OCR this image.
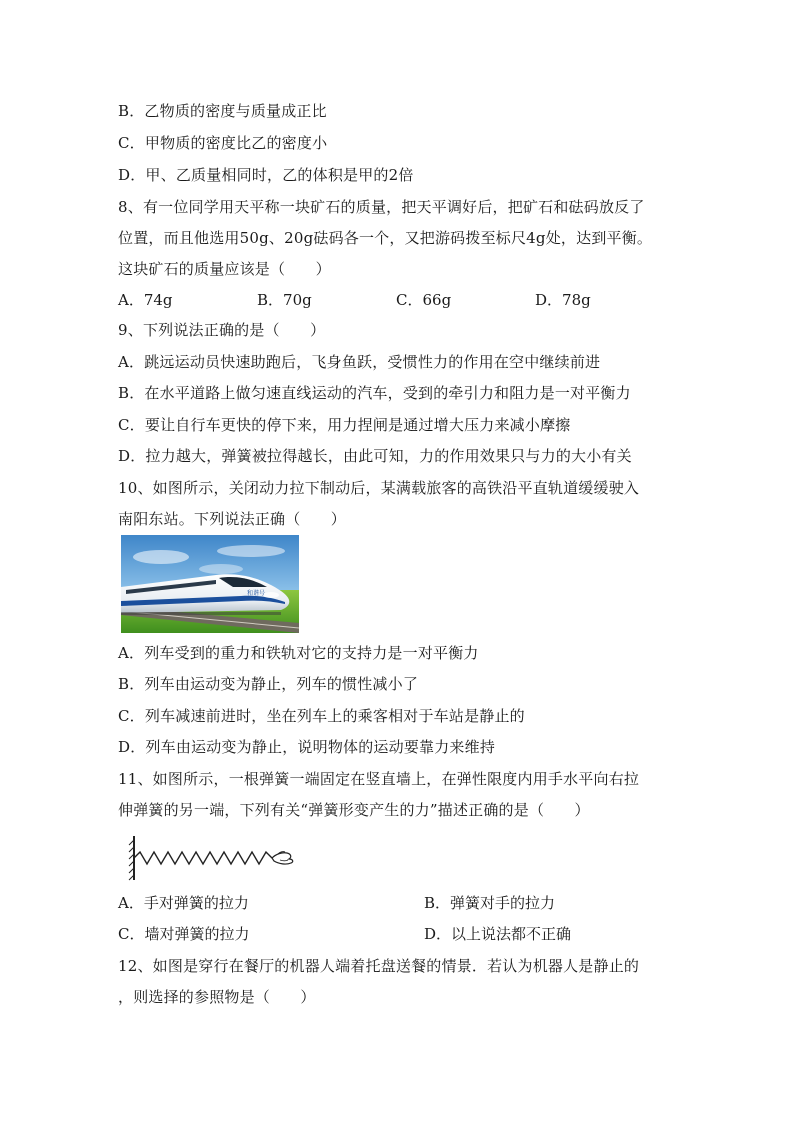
B．乙物质的密度与质量成正比
C．甲物质的密度比乙的密度小
D．甲、乙质量相同时，乙的体积是甲的2倍
8、有一位同学用天平称一块矿石的质量，把天平调好后，把矿石和砝码放反了
位置，而且他选用50g、20g砝码各一个，又把游码拨至标尺4g处，达到平衡。
这块矿石的质量应该是（　　）
A．74g	B．70g	C．66g	D．78g
9、下列说法正确的是（　　）
A．跳远运动员快速助跑后，飞身鱼跃，受惯性力的作用在空中继续前进
B．在水平道路上做匀速直线运动的汽车，受到的牵引力和阻力是一对平衡力
C．要让自行车更快的停下来，用力捏闸是通过增大压力来减小摩擦
D．拉力越大，弹簧被拉得越长，由此可知，力的作用效果只与力的大小有关
10、如图所示，关闭动力拉下制动后，某满载旅客的高铁沿平直轨道缓缓驶入
南阳东站。下列说法正确（　　）
和谐号
A．列车受到的重力和铁轨对它的支持力是一对平衡力
B．列车由运动变为静止，列车的惯性减小了
C．列车减速前进时，坐在列车上的乘客相对于车站是静止的
D．列车由运动变为静止，说明物体的运动要靠力来维持
11、如图所示，一根弹簧一端固定在竖直墙上，在弹性限度内用手水平向右拉
伸弹簧的另一端，下列有关“弹簧形变产生的力”描述正确的是（　　）
A．手对弹簧的拉力	B．弹簧对手的拉力
C．墙对弹簧的拉力	D．以上说法都不正确
12、如图是穿行在餐厅的机器人端着托盘送餐的情景．若认为机器人是静止的
，则选择的参照物是（　　）
